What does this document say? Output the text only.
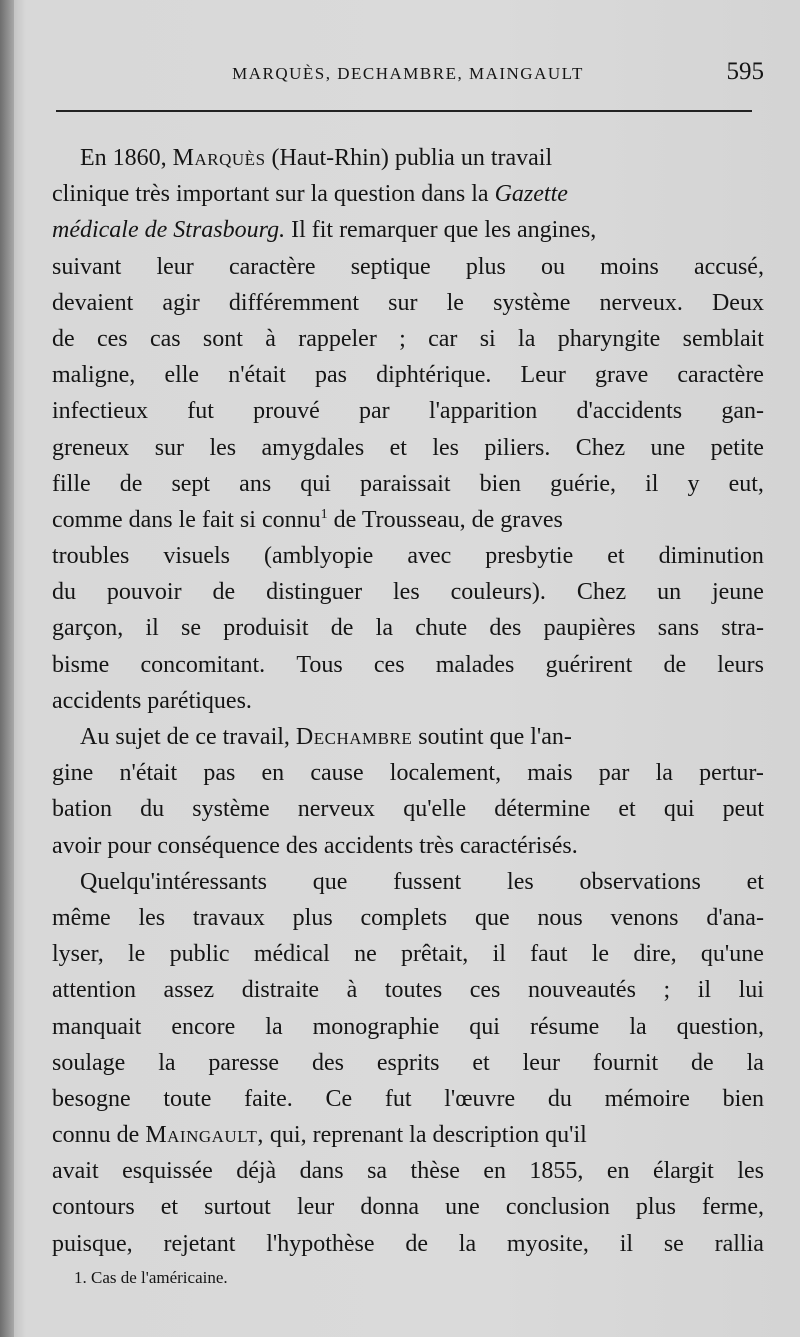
MARQUÈS, DECHAMBRE, MAINGAULT	595
En 1860, Marquès (Haut-Rhin) publia un travail
clinique très important sur la question dans la Gazette
médicale de Strasbourg. Il fit remarquer que les angines,
suivant leur caractère septique plus ou moins accusé,
devaient agir différemment sur le système nerveux. Deux
de ces cas sont à rappeler ; car si la pharyngite semblait
maligne, elle n'était pas diphtérique. Leur grave caractère
infectieux fut prouvé par l'apparition d'accidents gan-
greneux sur les amygdales et les piliers. Chez une petite
fille de sept ans qui paraissait bien guérie, il y eut,
comme dans le fait si connu$^1$ de Trousseau, de graves
troubles visuels (amblyopie avec presbytie et diminution
du pouvoir de distinguer les couleurs). Chez un jeune
garçon, il se produisit de la chute des paupières sans stra-
bisme concomitant. Tous ces malades guérirent de leurs
accidents parétiques.
Au sujet de ce travail, Dechambre soutint que l'an-
gine n'était pas en cause localement, mais par la pertur-
bation du système nerveux qu'elle détermine et qui peut
avoir pour conséquence des accidents très caractérisés.
Quelqu'intéressants que fussent les observations et
même les travaux plus complets que nous venons d'ana-
lyser, le public médical ne prêtait, il faut le dire, qu'une
attention assez distraite à toutes ces nouveautés ; il lui
manquait encore la monographie qui résume la question,
soulage la paresse des esprits et leur fournit de la
besogne toute faite. Ce fut l'œuvre du mémoire bien
connu de Maingault, qui, reprenant la description qu'il
avait esquissée déjà dans sa thèse en 1855, en élargit les
contours et surtout leur donna une conclusion plus ferme,
puisque, rejetant l'hypothèse de la myosite, il se rallia
1. Cas de l'américaine.
